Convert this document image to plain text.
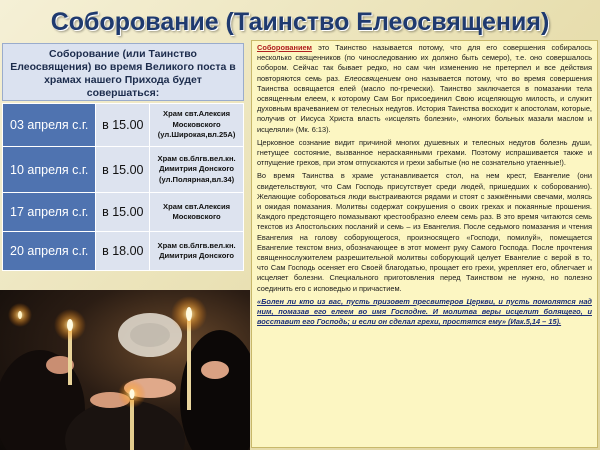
Соборование (Таинство Елеосвящения)
Соборование (или Таинство Елеосвящения) во время Великого поста в храмах нашего Прихода будет совершаться:
03 апреля с.г.	в 15.00	Храм свт.Алексия Московского (ул.Широкая,вл.25А)
10 апреля с.г.	в 15.00	Храм св.блгв.вел.кн. Димитрия Донского (ул.Полярная,вл.34)
17 апреля с.г.	в 15.00	Храм свт.Алексия Московского
20 апреля с.г.	в 18.00	Храм св.блгв.вел.кн. Димитрия Донского

Соборованием это Таинство называется потому, что для его совершения собиралось несколько священников (по чиноследованию их должно быть семеро), т.е. оно совершалось собором. Сейчас так бывает редко, но сам чин изменению не претерпел и все действия повторяются семь раз. Елеосвящением оно называется потому, что во время совершения Таинства освящается елей (масло по-гречески). Таинство заключается в помазании тела освященным елеем, к которому Сам Бог присоединил Свою исцеляющую милость, и служит духовным врачеванием от телесных недугов. История Таинства восходит к апостолам, которые, получив от Иисуса Христа власть «исцелять болезни», «многих больных мазали маслом и исцеляли» (Мк. 6:13).

Церковное сознание видит причиной многих душевных и телесных недугов болезнь души, гнетущее состояние, вызванное нераскаянными грехами. Поэтому испрашивается также и отпущение грехов, при этом отпускаются и грехи забытые (но не сознательно утаенные!).

Во время Таинства в храме устанавливается стол, на нем крест, Евангелие (они свидетельствуют, что Сам Господь присутствует среди людей, пришедших к соборованию). Желающие собороваться люди выстраиваются рядами и стоят с зажжёнными свечами, молясь и ожидая помазания. Молитвы содержат сокрушения о своих грехах и покаянные прошения. Каждого предстоящего помазывают крестообразно елеем семь раз. В это время читаются семь текстов из Апостольских посланий и семь – из Евангелия. После седьмого помазания и чтения Евангелия на голову соборующегося, произносящего «Господи, помилуй», помещается Евангелие текстом вниз, обозначающее в этот момент руку Самого Господа. После прочтения священнослужителем разрешительной молитвы соборующий целует Евангелие с верой в то, что Сам Господь осеняет его Своей благодатью, прощает его грехи, укрепляет его, облегчает и исцеляет болезни. Специального приготовления перед Таинством не нужно, но полезно соединить его с исповедью и причастием.

«Болен ли кто из вас, пусть призовет пресвитеров Церкви, и пусть помолятся над ним, помазав его елеем во имя Господне. И молитва веры исцелит болящего, и восставит его Господь; и если он сделал грехи, простятся ему» (Иак.5,14 – 15).
